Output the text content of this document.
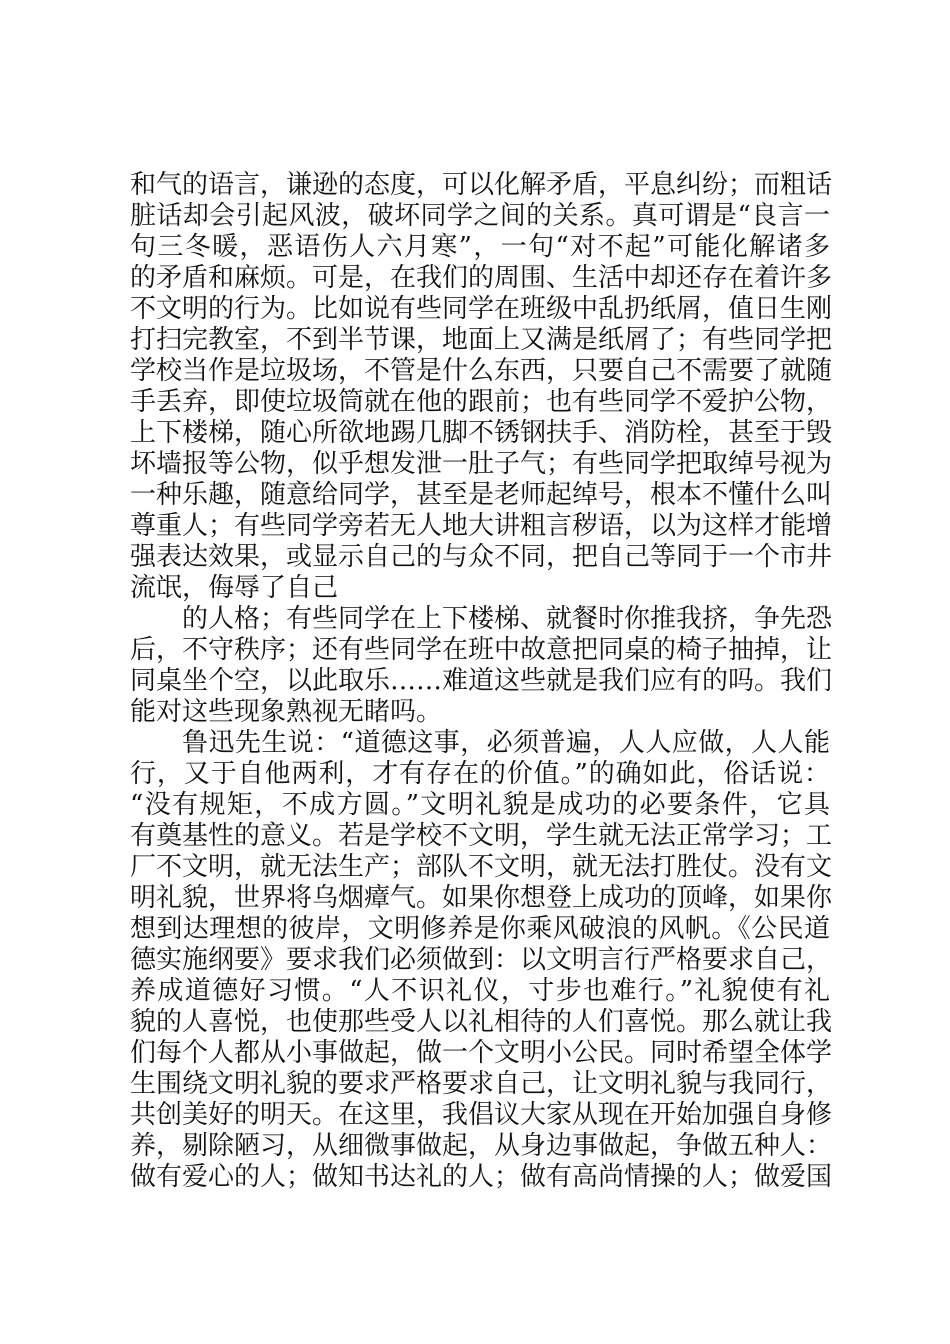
和气的语言，谦逊的态度，可以化解矛盾，平息纠纷；而粗话
脏话却会引起风波，破坏同学之间的关系。真可谓是“良言一
句三冬暖，恶语伤人六月寒”，一句“对不起”可能化解诸多
的矛盾和麻烦。可是，在我们的周围、生活中却还存在着许多
不文明的行为。比如说有些同学在班级中乱扔纸屑，值日生刚
打扫完教室，不到半节课，地面上又满是纸屑了；有些同学把
学校当作是垃圾场，不管是什么东西，只要自己不需要了就随
手丢弃，即使垃圾筒就在他的跟前；也有些同学不爱护公物，
上下楼梯，随心所欲地踢几脚不锈钢扶手、消防栓，甚至于毁
坏墙报等公物，似乎想发泄一肚子气；有些同学把取绰号视为
一种乐趣，随意给同学，甚至是老师起绰号，根本不懂什么叫
尊重人；有些同学旁若无人地大讲粗言秽语，以为这样才能增
强表达效果，或显示自己的与众不同，把自己等同于一个市井
流氓，侮辱了自己
的人格；有些同学在上下楼梯、就餐时你推我挤，争先恐
后，不守秩序；还有些同学在班中故意把同桌的椅子抽掉，让
同桌坐个空，以此取乐……难道这些就是我们应有的吗。我们
能对这些现象熟视无睹吗。
鲁迅先生说：“道德这事，必须普遍，人人应做，人人能
行，又于自他两利，才有存在的价值。”的确如此，俗话说：
“没有规矩，不成方圆。”文明礼貌是成功的必要条件，它具
有奠基性的意义。若是学校不文明，学生就无法正常学习；工
厂不文明，就无法生产；部队不文明，就无法打胜仗。没有文
明礼貌，世界将乌烟瘴气。如果你想登上成功的顶峰，如果你
想到达理想的彼岸，文明修养是你乘风破浪的风帆。《公民道
德实施纲要》要求我们必须做到：以文明言行严格要求自己，
养成道德好习惯。“人不识礼仪，寸步也难行。”礼貌使有礼
貌的人喜悦，也使那些受人以礼相待的人们喜悦。那么就让我
们每个人都从小事做起，做一个文明小公民。同时希望全体学
生围绕文明礼貌的要求严格要求自己，让文明礼貌与我同行，
共创美好的明天。在这里，我倡议大家从现在开始加强自身修
养，剔除陋习，从细微事做起，从身边事做起，争做五种人：
做有爱心的人；做知书达礼的人；做有高尚情操的人；做爱国
